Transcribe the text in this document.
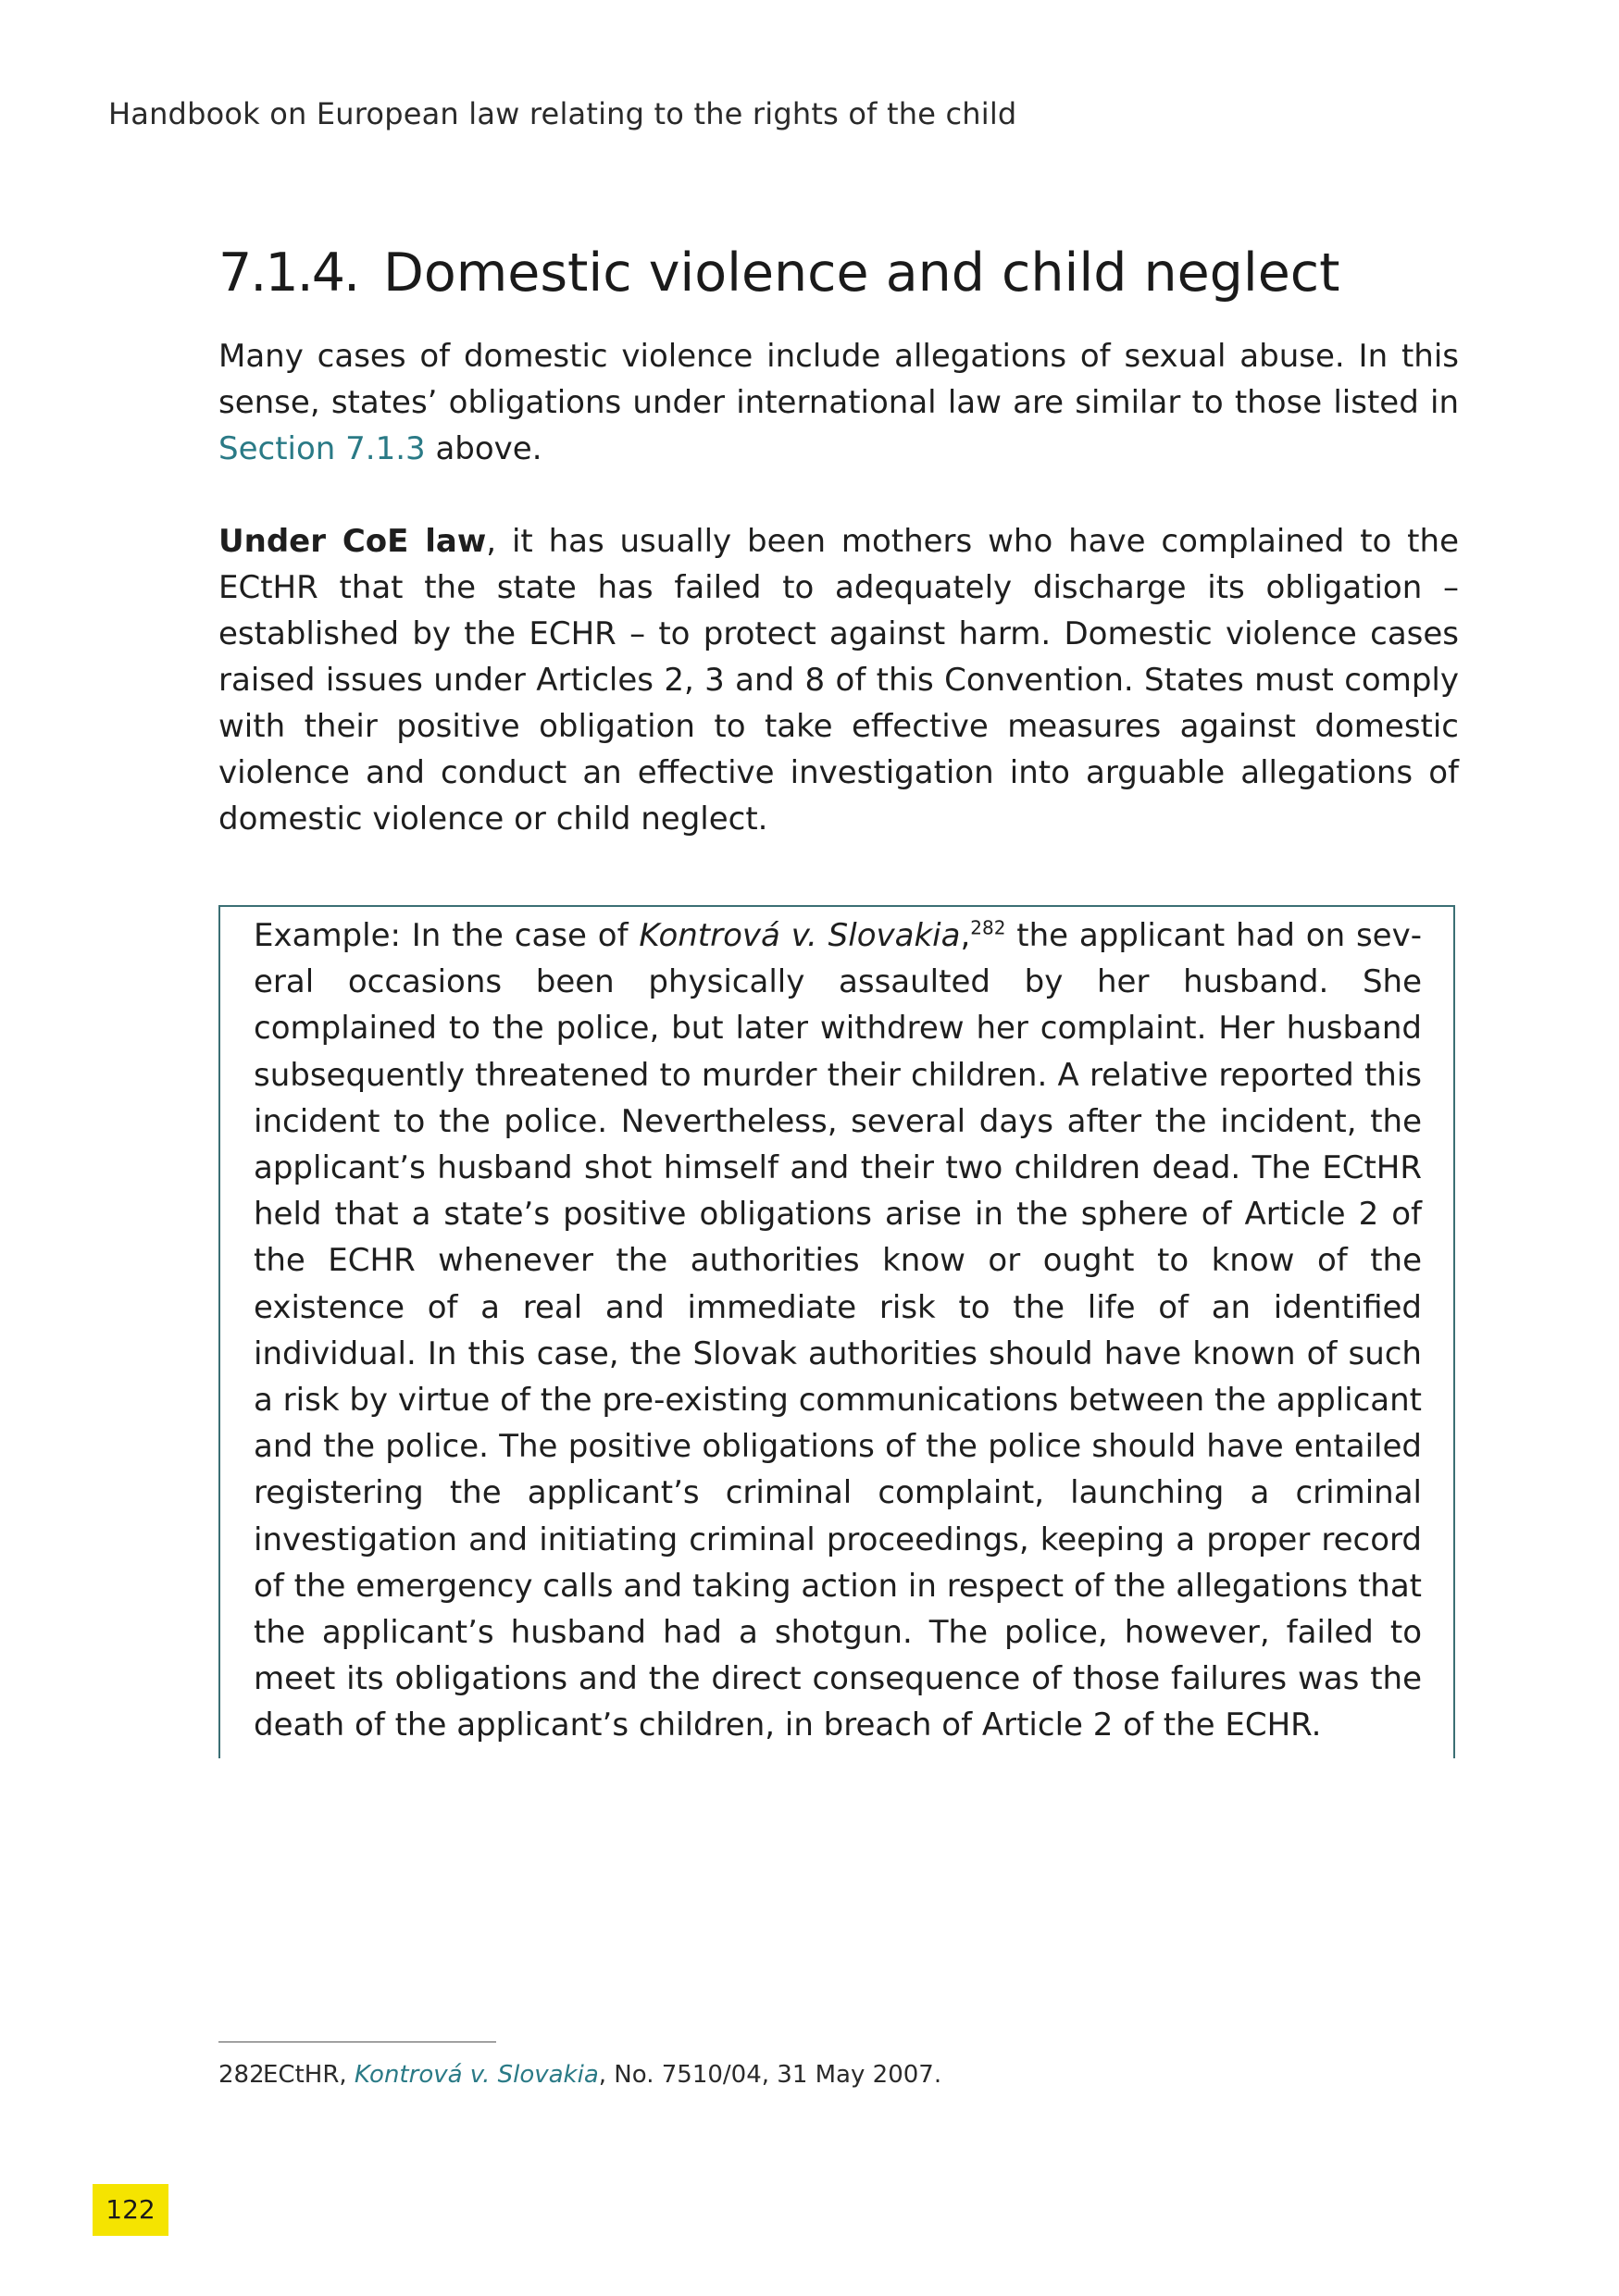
Handbook on European law relating to the rights of the child
7.1.4. Domestic violence and child neglect

Many cases of domestic violence include allegations of sexual abuse. In this sense, states’ obligations under international law are similar to those listed in Section 7.1.3 above.

Under CoE law, it has usually been mothers who have complained to the ECtHR that the state has failed to adequately discharge its obligation – established by the ECHR – to protect against harm. Domestic violence cases raised issues under Articles 2, 3 and 8 of this Convention. States must comply with their positive obligation to take effective measures against domestic violence and conduct an effective investigation into arguable allegations of domestic violence or child neglect.

Example: In the case of Kontrová v. Slovakia,$^{282}$ the applicant had on several occasions been physically assaulted by her husband. She complained to the police, but later withdrew her complaint. Her husband subsequently threatened to murder their children. A relative reported this incident to the police. Nevertheless, several days after the incident, the applicant’s husband shot himself and their two children dead. The ECtHR held that a state’s positive obligations arise in the sphere of Article 2 of the ECHR whenever the authorities know or ought to know of the existence of a real and immediate risk to the life of an identified individual. In this case, the Slovak authorities should have known of such a risk by virtue of the pre-existing communications between the applicant and the police. The positive obligations of the police should have entailed registering the applicant’s criminal complaint, launching a criminal investigation and initiating criminal proceedings, keeping a proper record of the emergency calls and taking action in respect of the allegations that the applicant’s husband had a shotgun. The police, however, failed to meet its obligations and the direct consequence of those failures was the death of the applicant’s children, in breach of Article 2 of the ECHR.

282ECtHR, Kontrová v. Slovakia, No. 7510/04, 31 May 2007.
122
